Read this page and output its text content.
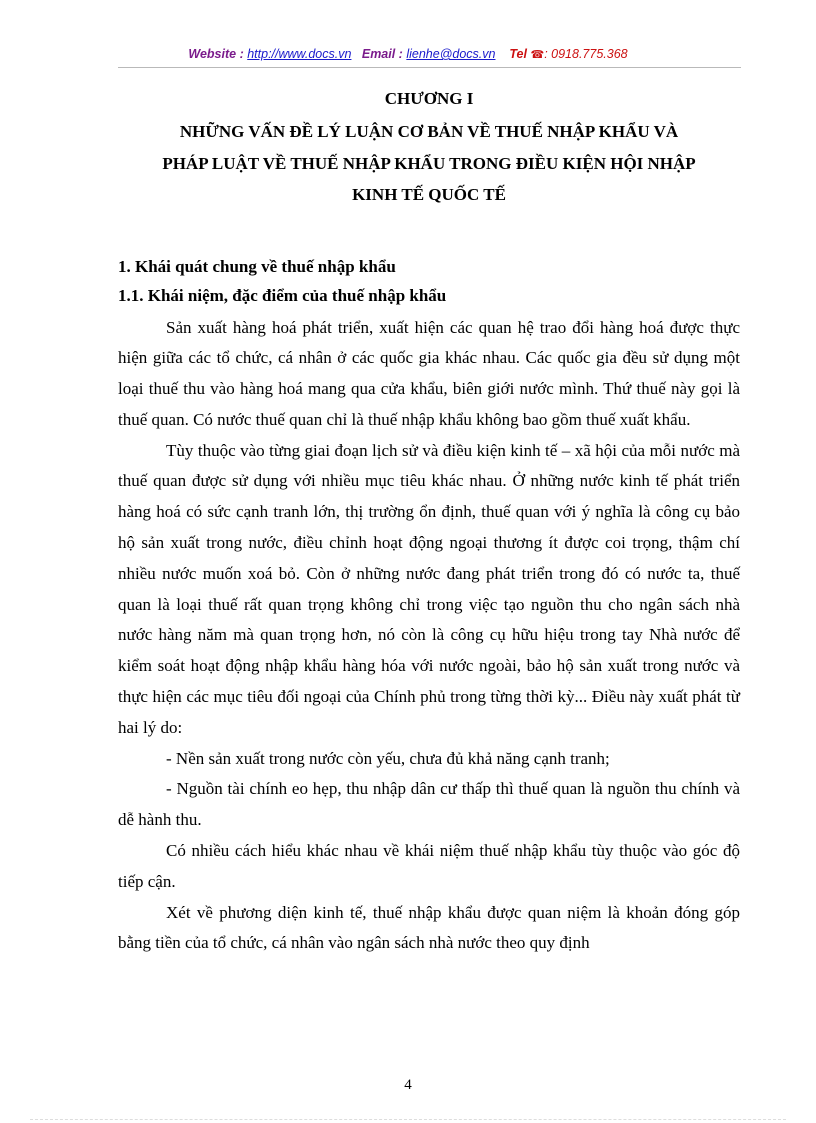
Website : http://www.docs.vn Email : lienhe@docs.vn Tel ☎: 0918.775.368
CHƯƠNG I
NHỮNG VẤN ĐỀ LÝ LUẬN CƠ BẢN VỀ THUẾ NHẬP KHẨU VÀ
PHÁP LUẬT VỀ THUẾ NHẬP KHẨU TRONG ĐIỀU KIỆN HỘI NHẬP
KINH TẾ QUỐC TẾ
1. Khái quát chung về thuế nhập khẩu
1.1. Khái niệm, đặc điểm của thuế nhập khẩu

Sản xuất hàng hoá phát triển, xuất hiện các quan hệ trao đổi hàng hoá được thực hiện giữa các tổ chức, cá nhân ở các quốc gia khác nhau. Các quốc gia đều sử dụng một loại thuế thu vào hàng hoá mang qua cửa khẩu, biên giới nước mình. Thứ thuế này gọi là thuế quan. Có nước thuế quan chỉ là thuế nhập khẩu không bao gồm thuế xuất khẩu.

Tùy thuộc vào từng giai đoạn lịch sử và điều kiện kinh tế – xã hội của mỗi nước mà thuế quan được sử dụng với nhiều mục tiêu khác nhau. Ở những nước kinh tế phát triển hàng hoá có sức cạnh tranh lớn, thị trường ổn định, thuế quan với ý nghĩa là công cụ bảo hộ sản xuất trong nước, điều chỉnh hoạt động ngoại thương ít được coi trọng, thậm chí nhiều nước muốn xoá bỏ. Còn ở những nước đang phát triển trong đó có nước ta, thuế quan là loại thuế rất quan trọng không chỉ trong việc tạo nguồn thu cho ngân sách nhà nước hàng năm mà quan trọng hơn, nó còn là công cụ hữu hiệu trong tay Nhà nước để kiểm soát hoạt động nhập khẩu hàng hóa với nước ngoài, bảo hộ sản xuất trong nước và thực hiện các mục tiêu đối ngoại của Chính phủ trong từng thời kỳ... Điều này xuất phát từ hai lý do:

- Nền sản xuất trong nước còn yếu, chưa đủ khả năng cạnh tranh;

- Nguồn tài chính eo hẹp, thu nhập dân cư thấp thì thuế quan là nguồn thu chính và dễ hành thu.

Có nhiều cách hiểu khác nhau về khái niệm thuế nhập khẩu tùy thuộc vào góc độ tiếp cận.

Xét về phương diện kinh tế, thuế nhập khẩu được quan niệm là khoản đóng góp bằng tiền của tổ chức, cá nhân vào ngân sách nhà nước theo quy định

4
